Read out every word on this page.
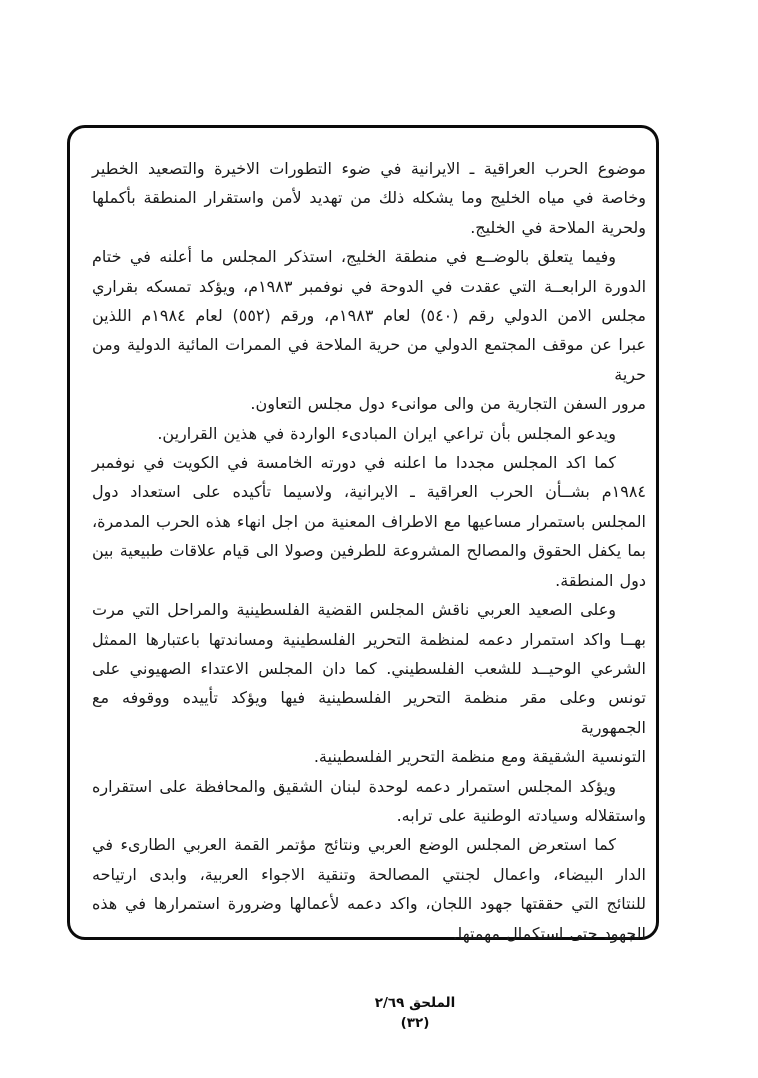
موضوع الحرب العراقية ـ الايرانية في ضوء التطورات الاخيرة والتصعيد الخطير
وخاصة في مياه الخليج وما يشكله ذلك من تهديد لأمن واستقرار المنطقة بأكملها
ولحرية الملاحة في الخليج.
وفيما يتعلق بالوضــع في منطقة الخليج، استذكر المجلس ما أعلنه في ختام
الدورة الرابعــة التي عقدت في الدوحة في نوفمبر ١٩٨٣م، ويؤكد تمسكه بقراري
مجلس الامن الدولي رقم (٥٤٠) لعام ١٩٨٣م، ورقم (٥٥٢) لعام ١٩٨٤م اللذين
عبرا عن موقف المجتمع الدولي من حرية الملاحة في الممرات المائية الدولية ومن حرية
مرور السفن التجارية من والى موانىء دول مجلس التعاون.
ويدعو المجلس بأن تراعي ايران المبادىء الواردة في هذين القرارين.
كما اكد المجلس مجددا ما اعلنه في دورته الخامسة في الكويت في نوفمبر
١٩٨٤م بشــأن الحرب العراقية ـ الايرانية، ولاسيما تأكيده على استعداد دول
المجلس باستمرار مساعيها مع الاطراف المعنية من اجل انهاء هذه الحرب المدمرة،
بما يكفل الحقوق والمصالح المشروعة للطرفين وصولا الى قيام علاقات طبيعية بين
دول المنطقة.
وعلى الصعيد العربي ناقش المجلس القضية الفلسطينية والمراحل التي مرت
بهــا واكد استمرار دعمه لمنظمة التحرير الفلسطينية ومساندتها باعتبارها الممثل
الشرعي الوحيــد للشعب الفلسطيني. كما دان المجلس الاعتداء الصهيوني على
تونس وعلى مقر منظمة التحرير الفلسطينية فيها ويؤكد تأييده ووقوفه مع الجمهورية
التونسية الشقيقة ومع منظمة التحرير الفلسطينية.
ويؤكد المجلس استمرار دعمه لوحدة لبنان الشقيق والمحافظة على استقراره
واستقلاله وسيادته الوطنية على ترابه.
كما استعرض المجلس الوضع العربي ونتائج مؤتمر القمة العربي الطارىء في
الدار البيضاء، واعمال لجنتي المصالحة وتنقية الاجواء العربية، وابدى ارتياحه
للنتائج التي حققتها جهود اللجان، واكد دعمه لأعمالها وضرورة استمرارها في هذه
الجهود حتى استكمال مهمتها.
الملحق ٢/٦٩
(٣٢)
